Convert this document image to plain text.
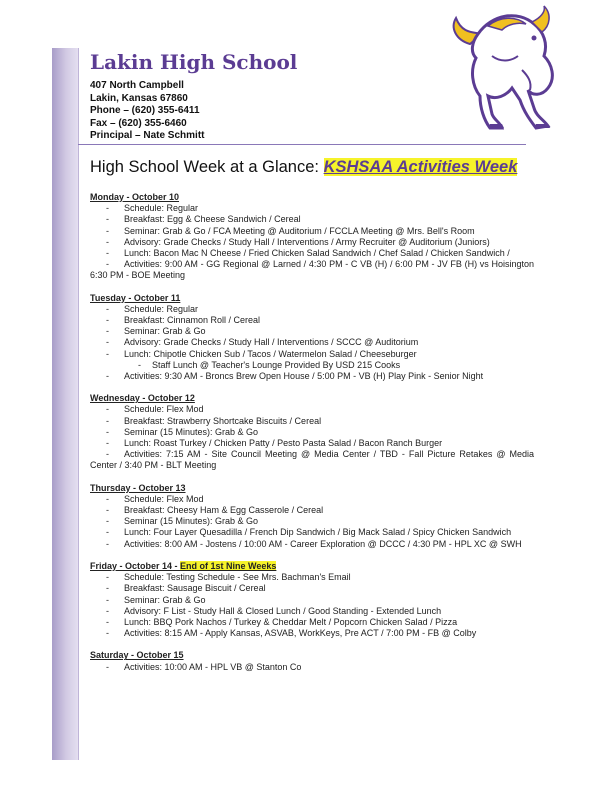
Lakin High School
407 North Campbell
Lakin, Kansas 67860
Phone – (620) 355-6411
Fax – (620) 355-6460
Principal – Nate Schmitt
High School Week at a Glance: KSHSAA Activities Week
Monday - October 10
- Schedule: Regular
- Breakfast: Egg & Cheese Sandwich / Cereal
- Seminar: Grab & Go / FCA Meeting @ Auditorium / FCCLA Meeting @ Mrs. Bell's Room
- Advisory: Grade Checks / Study Hall / Interventions / Army Recruiter @ Auditorium (Juniors)
- Lunch: Bacon Mac N Cheese / Fried Chicken Salad Sandwich / Chef Salad / Chicken Sandwich /
- Activities: 9:00 AM - GG Regional @ Larned / 4:30 PM - C VB (H) / 6:00 PM - JV FB (H) vs Hoisington 6:30 PM - BOE Meeting
Tuesday - October 11
- Schedule: Regular
- Breakfast: Cinnamon Roll / Cereal
- Seminar: Grab & Go
- Advisory: Grade Checks / Study Hall / Interventions / SCCC @ Auditorium
- Lunch: Chipotle Chicken Sub / Tacos / Watermelon Salad / Cheeseburger
- Staff Lunch @ Teacher's Lounge Provided By USD 215 Cooks
- Activities: 9:30 AM - Broncs Brew Open House / 5:00 PM - VB (H) Play Pink - Senior Night
Wednesday - October 12
- Schedule: Flex Mod
- Breakfast: Strawberry Shortcake Biscuits / Cereal
- Seminar (15 Minutes): Grab & Go
- Lunch: Roast Turkey / Chicken Patty / Pesto Pasta Salad / Bacon Ranch Burger
- Activities: 7:15 AM - Site Council Meeting @ Media Center / TBD - Fall Picture Retakes @ Media Center / 3:40 PM - BLT Meeting
Thursday - October 13
- Schedule: Flex Mod
- Breakfast: Cheesy Ham & Egg Casserole / Cereal
- Seminar (15 Minutes): Grab & Go
- Lunch: Four Layer Quesadilla / French Dip Sandwich / Big Mack Salad / Spicy Chicken Sandwich
- Activities: 8:00 AM - Jostens / 10:00 AM - Career Exploration @ DCCC / 4:30 PM - HPL XC @ SWH
Friday - October 14 - End of 1st Nine Weeks
- Schedule: Testing Schedule - See Mrs. Bachman's Email
- Breakfast: Sausage Biscuit / Cereal
- Seminar: Grab & Go
- Advisory: F List - Study Hall & Closed Lunch / Good Standing - Extended Lunch
- Lunch: BBQ Pork Nachos / Turkey & Cheddar Melt / Popcorn Chicken Salad / Pizza
- Activities: 8:15 AM - Apply Kansas, ASVAB, WorkKeys, Pre ACT / 7:00 PM - FB @ Colby
Saturday - October 15
- Activities: 10:00 AM - HPL VB @ Stanton Co
